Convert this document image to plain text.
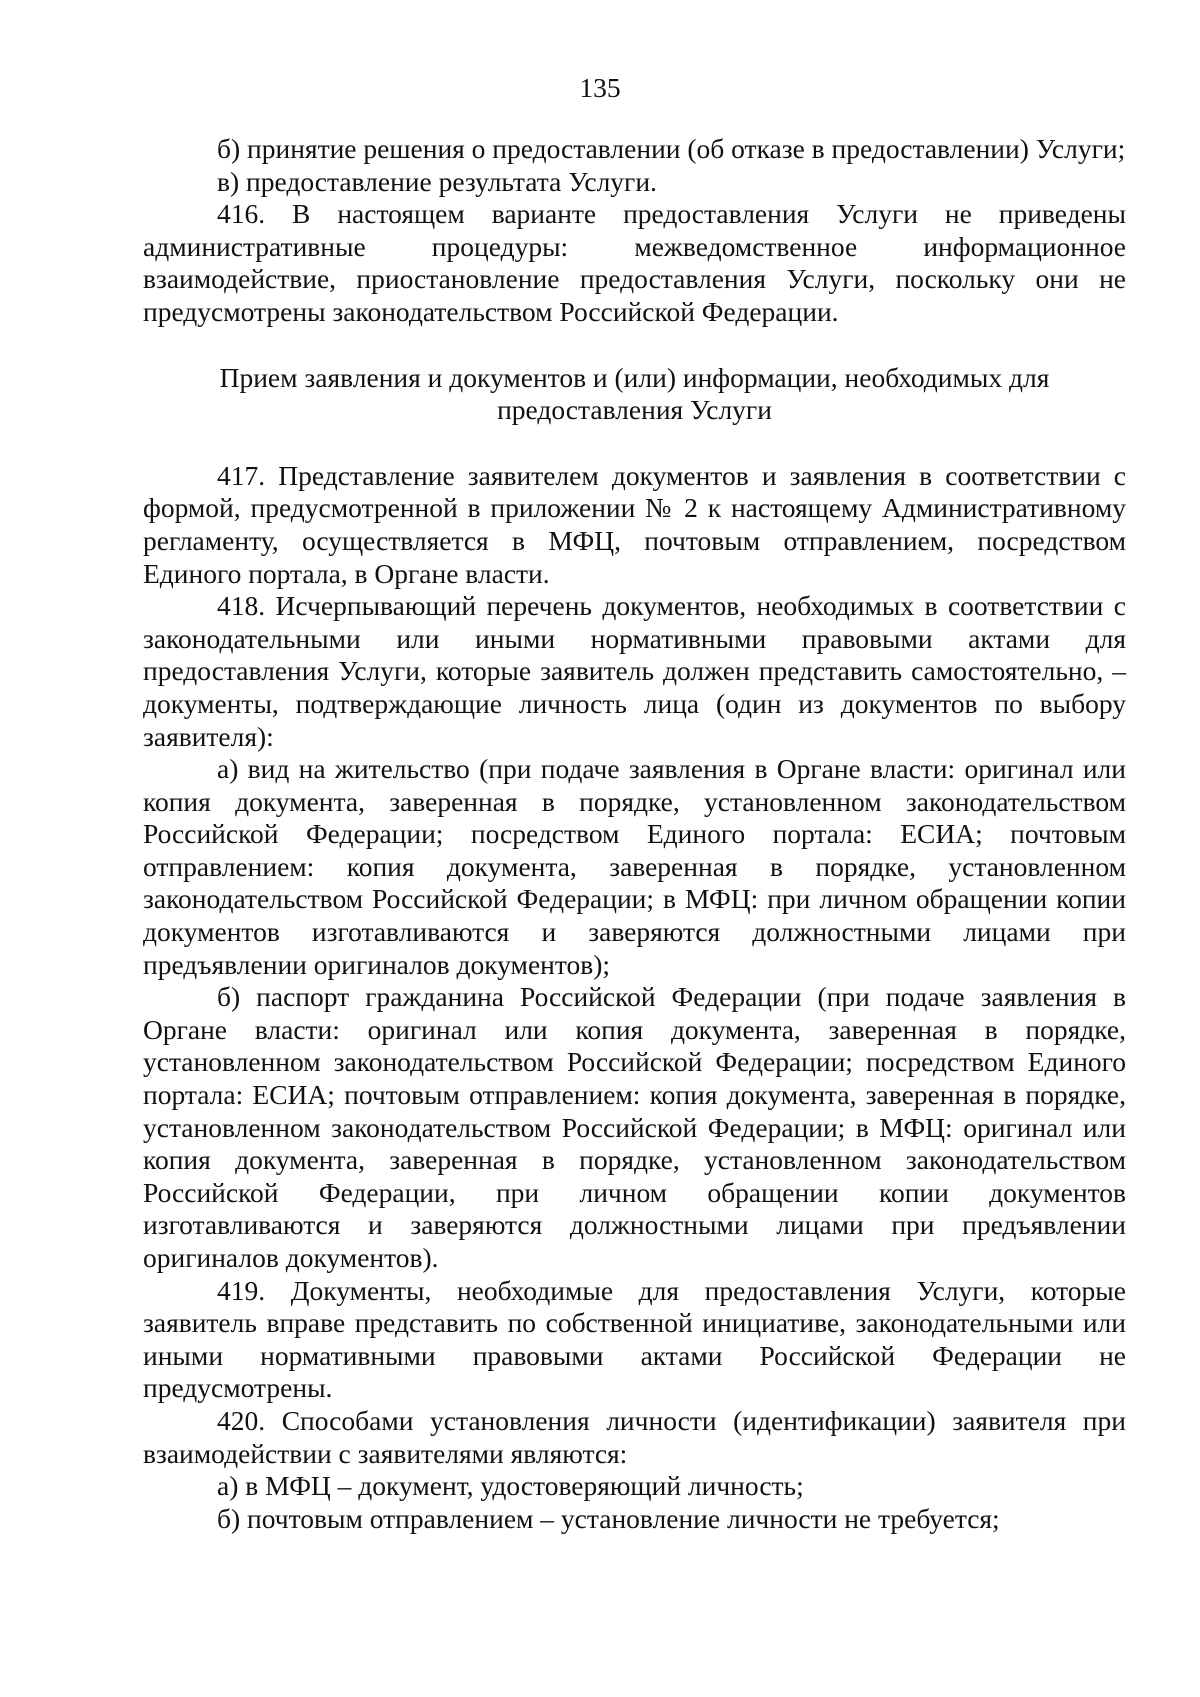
135

б) принятие решения о предоставлении (об отказе в предоставлении) Услуги;

в) предоставление результата Услуги.

416. В настоящем варианте предоставления Услуги не приведены административные процедуры: межведомственное информационное взаимодействие, приостановление предоставления Услуги, поскольку они не предусмотрены законодательством Российской Федерации.

Прием заявления и документов и (или) информации, необходимых для
предоставления Услуги

417. Представление заявителем документов и заявления в соответствии с формой, предусмотренной в приложении № 2 к настоящему Административному регламенту, осуществляется в МФЦ, почтовым отправлением, посредством Единого портала, в Органе власти.

418. Исчерпывающий перечень документов, необходимых в соответствии с законодательными или иными нормативными правовыми актами для предоставления Услуги, которые заявитель должен представить самостоятельно, – документы, подтверждающие личность лица (один из документов по выбору заявителя):

а) вид на жительство (при подаче заявления в Органе власти: оригинал или копия документа, заверенная в порядке, установленном законодательством Российской Федерации; посредством Единого портала: ЕСИА; почтовым отправлением: копия документа, заверенная в порядке, установленном законодательством Российской Федерации; в МФЦ: при личном обращении копии документов изготавливаются и заверяются должностными лицами при предъявлении оригиналов документов);

б) паспорт гражданина Российской Федерации (при подаче заявления в Органе власти: оригинал или копия документа, заверенная в порядке, установленном законодательством Российской Федерации; посредством Единого портала: ЕСИА; почтовым отправлением: копия документа, заверенная в порядке, установленном законодательством Российской Федерации; в МФЦ: оригинал или копия документа, заверенная в порядке, установленном законодательством Российской Федерации, при личном обращении копии документов изготавливаются и заверяются должностными лицами при предъявлении оригиналов документов).

419. Документы, необходимые для предоставления Услуги, которые заявитель вправе представить по собственной инициативе, законодательными или иными нормативными правовыми актами Российской Федерации не предусмотрены.

420. Способами установления личности (идентификации) заявителя при взаимодействии с заявителями являются:

а) в МФЦ – документ, удостоверяющий личность;

б) почтовым отправлением – установление личности не требуется;
